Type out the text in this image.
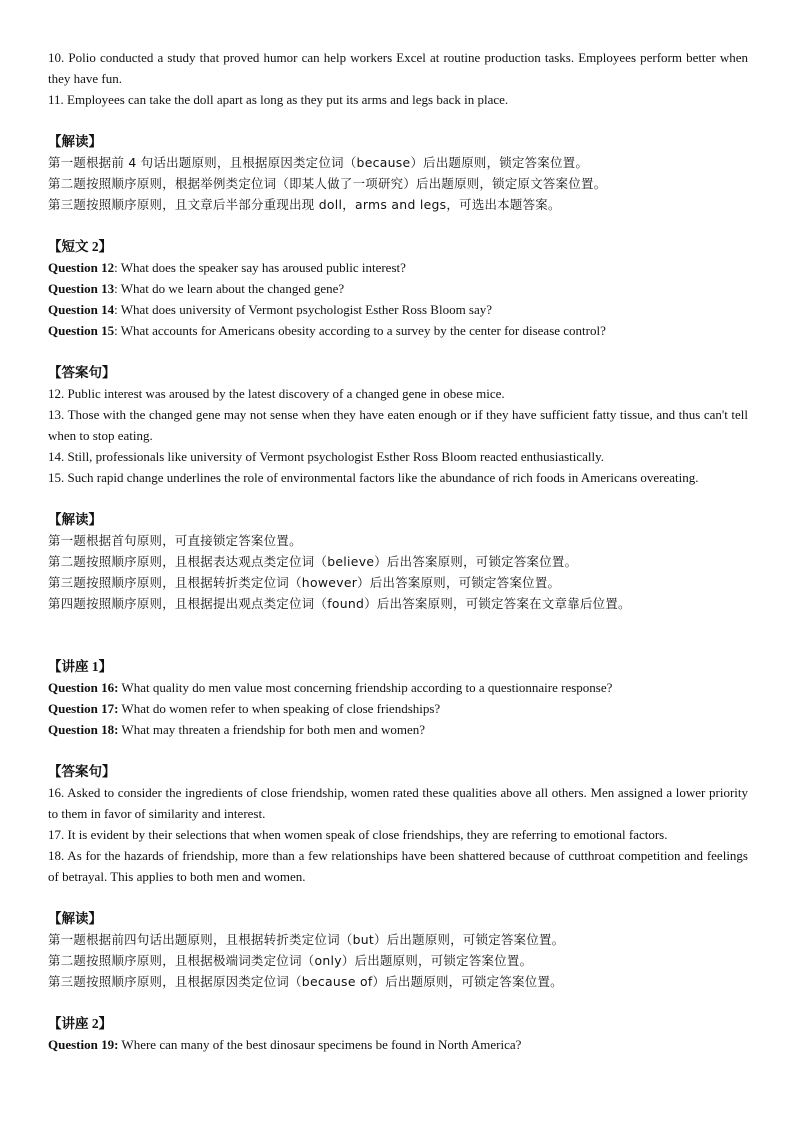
10. Polio conducted a study that proved humor can help workers Excel at routine production tasks. Employees perform better when they have fun.

11. Employees can take the doll apart as long as they put its arms and legs back in place.

【解读】

第一题根据前 4 句话出题原则，且根据原因类定位词（because）后出题原则，锁定答案位置。

第二题按照顺序原则，根据举例类定位词（即某人做了一项研究）后出题原则，锁定原文答案位置。

第三题按照顺序原则，且文章后半部分重现出现 doll，arms and legs，可选出本题答案。

【短文 2】

Question 12: What does the speaker say has aroused public interest?

Question 13: What do we learn about the changed gene?

Question 14: What does university of Vermont psychologist Esther Ross Bloom say?

Question 15: What accounts for Americans obesity according to a survey by the center for disease control?

【答案句】

12. Public interest was aroused by the latest discovery of a changed gene in obese mice.

13. Those with the changed gene may not sense when they have eaten enough or if they have sufficient fatty tissue, and thus can't tell when to stop eating.

14. Still, professionals like university of Vermont psychologist Esther Ross Bloom reacted enthusiastically.

15. Such rapid change underlines the role of environmental factors like the abundance of rich foods in Americans overeating.

【解读】

第一题根据首句原则，可直接锁定答案位置。

第二题按照顺序原则，且根据表达观点类定位词（believe）后出答案原则，可锁定答案位置。

第三题按照顺序原则，且根据转折类定位词（however）后出答案原则，可锁定答案位置。

第四题按照顺序原则，且根据提出观点类定位词（found）后出答案原则，可锁定答案在文章靠后位置。

【讲座 1】

Question 16: What quality do men value most concerning friendship according to a questionnaire response?

Question 17: What do women refer to when speaking of close friendships?

Question 18: What may threaten a friendship for both men and women?

【答案句】

16. Asked to consider the ingredients of close friendship, women rated these qualities above all others. Men assigned a lower priority to them in favor of similarity and interest.

17. It is evident by their selections that when women speak of close friendships, they are referring to emotional factors.

18. As for the hazards of friendship, more than a few relationships have been shattered because of cutthroat competition and feelings of betrayal. This applies to both men and women.

【解读】

第一题根据前四句话出题原则，且根据转折类定位词（but）后出题原则，可锁定答案位置。

第二题按照顺序原则，且根据极端词类定位词（only）后出题原则，可锁定答案位置。

第三题按照顺序原则，且根据原因类定位词（because of）后出题原则，可锁定答案位置。

【讲座 2】

Question 19: Where can many of the best dinosaur specimens be found in North America?
